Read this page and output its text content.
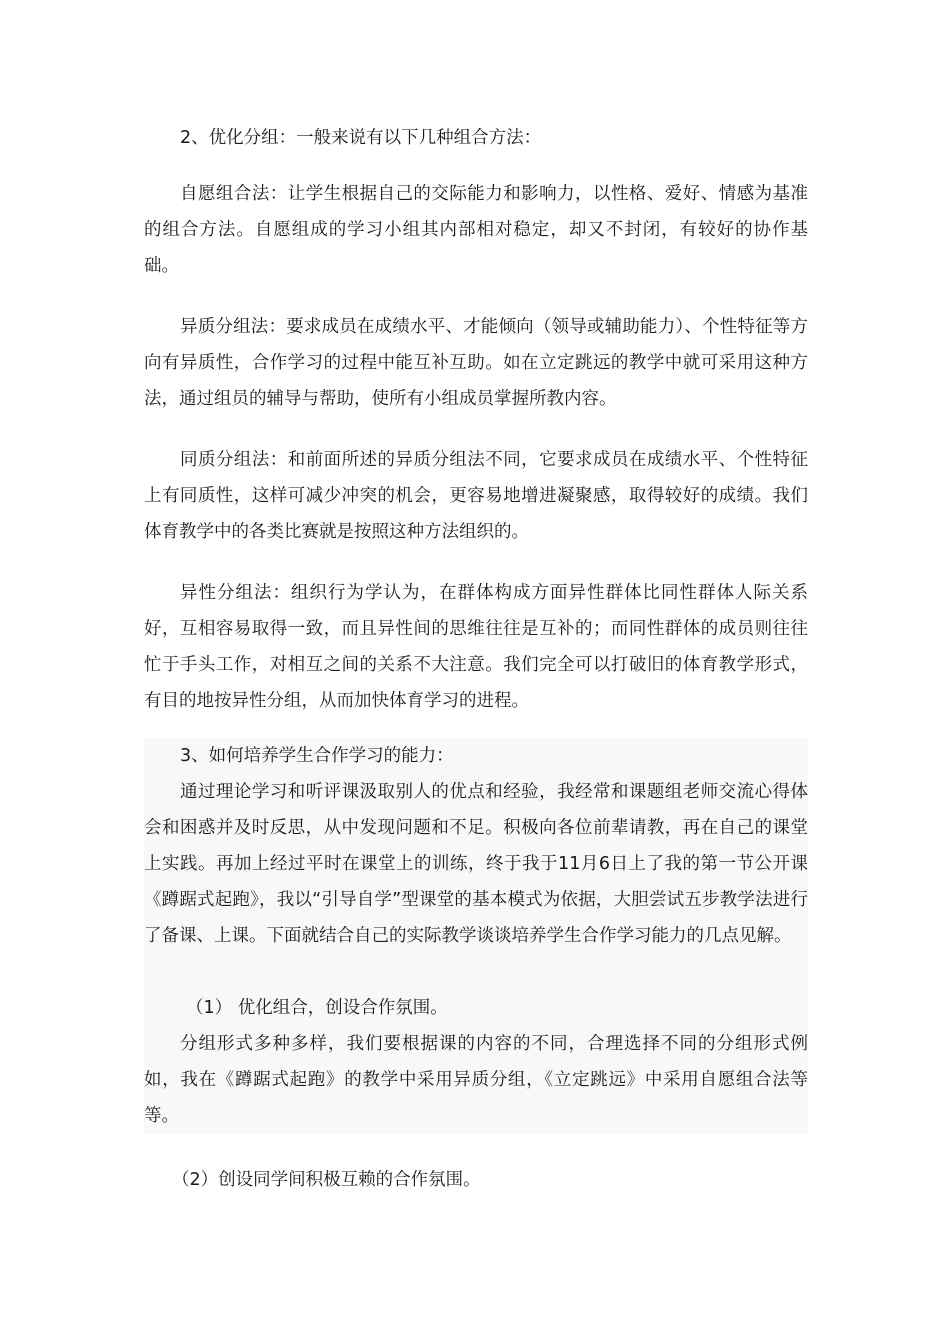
2、优化分组：一般来说有以下几种组合方法：

自愿组合法：让学生根据自己的交际能力和影响力，以性格、爱好、情感为基准的组合方法。自愿组成的学习小组其内部相对稳定，却又不封闭，有较好的协作基础。

异质分组法：要求成员在成绩水平、才能倾向（领导或辅助能力）、个性特征等方向有异质性，合作学习的过程中能互补互助。如在立定跳远的教学中就可采用这种方法，通过组员的辅导与帮助，使所有小组成员掌握所教内容。

同质分组法：和前面所述的异质分组法不同，它要求成员在成绩水平、个性特征上有同质性，这样可减少冲突的机会，更容易地增进凝聚感，取得较好的成绩。我们体育教学中的各类比赛就是按照这种方法组织的。

异性分组法：组织行为学认为，在群体构成方面异性群体比同性群体人际关系好，互相容易取得一致，而且异性间的思维往往是互补的；而同性群体的成员则往往忙于手头工作，对相互之间的关系不大注意。我们完全可以打破旧的体育教学形式，有目的地按异性分组，从而加快体育学习的进程。

3、如何培养学生合作学习的能力：

通过理论学习和听评课汲取别人的优点和经验，我经常和课题组老师交流心得体会和困惑并及时反思，从中发现问题和不足。积极向各位前辈请教，再在自己的课堂上实践。再加上经过平时在课堂上的训练，终于我于11月6日上了我的第一节公开课《蹲踞式起跑》，我以“引导自学”型课堂的基本模式为依据，大胆尝试五步教学法进行了备课、上课。下面就结合自己的实际教学谈谈培养学生合作学习能力的几点见解。

（1） 优化组合，创设合作氛围。

分组形式多种多样，我们要根据课的内容的不同，合理选择不同的分组形式例如，我在《蹲踞式起跑》的教学中采用异质分组，《立定跳远》中采用自愿组合法等等。

（2）创设同学间积极互赖的合作氛围。
